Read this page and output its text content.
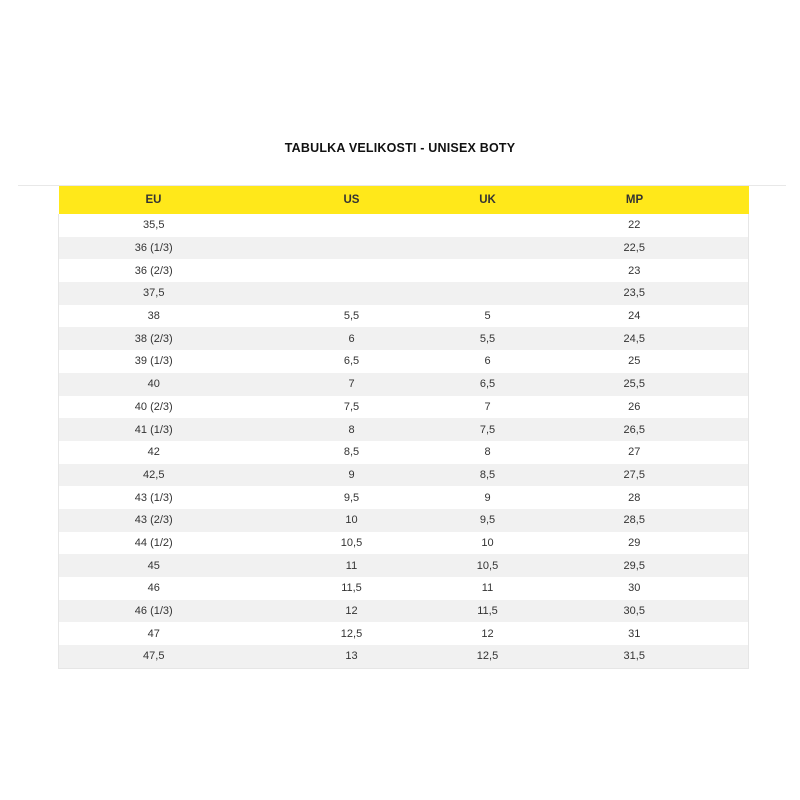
TABULKA VELIKOSTI - UNISEX BOTY
EU	US	UK	MP
35,5			22
36 (1/3)			22,5
36 (2/3)			23
37,5			23,5
38	5,5	5	24
38 (2/3)	6	5,5	24,5
39 (1/3)	6,5	6	25
40	7	6,5	25,5
40 (2/3)	7,5	7	26
41 (1/3)	8	7,5	26,5
42	8,5	8	27
42,5	9	8,5	27,5
43 (1/3)	9,5	9	28
43 (2/3)	10	9,5	28,5
44 (1/2)	10,5	10	29
45	11	10,5	29,5
46	11,5	11	30
46 (1/3)	12	11,5	30,5
47	12,5	12	31
47,5	13	12,5	31,5
